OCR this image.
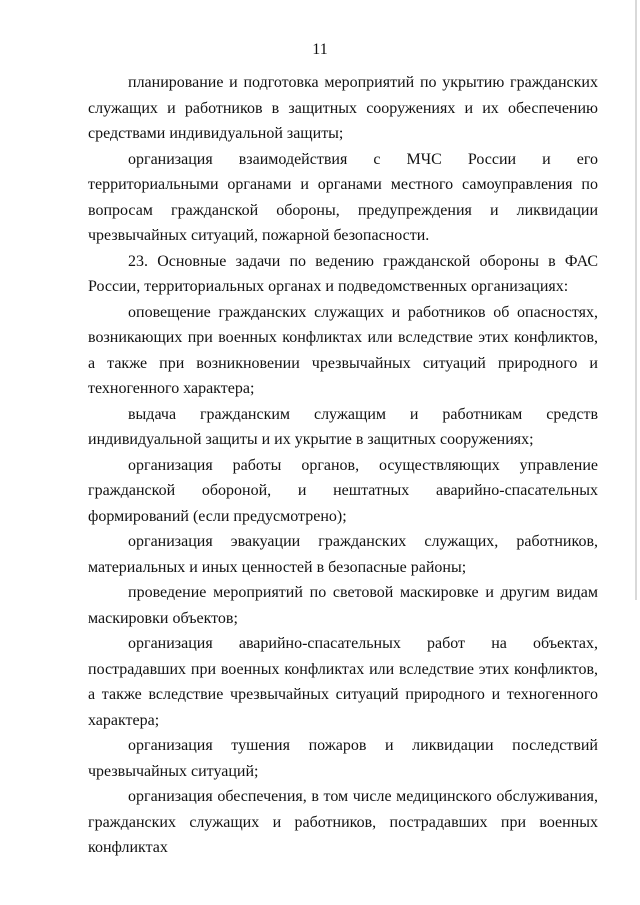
11

планирование и подготовка мероприятий по укрытию гражданских служащих и работников в защитных сооружениях и их обеспечению средствами индивидуальной защиты;

организация взаимодействия с МЧС России и его территориальными органами и органами местного самоуправления по вопросам гражданской обороны, предупреждения и ликвидации чрезвычайных ситуаций, пожарной безопасности.

23. Основные задачи по ведению гражданской обороны в ФАС России, территориальных органах и подведомственных организациях:

оповещение гражданских служащих и работников об опасностях, возникающих при военных конфликтах или вследствие этих конфликтов, а также при возникновении чрезвычайных ситуаций природного и техногенного характера;

выдача гражданским служащим и работникам средств индивидуальной защиты и их укрытие в защитных сооружениях;

организация работы органов, осуществляющих управление гражданской обороной, и нештатных аварийно-спасательных формирований (если предусмотрено);

организация эвакуации гражданских служащих, работников, материальных и иных ценностей в безопасные районы;

проведение мероприятий по световой маскировке и другим видам маскировки объектов;

организация аварийно-спасательных работ на объектах, пострадавших при военных конфликтах или вследствие этих конфликтов, а также вследствие чрезвычайных ситуаций природного и техногенного характера;

организация тушения пожаров и ликвидации последствий чрезвычайных ситуаций;

организация обеспечения, в том числе медицинского обслуживания, гражданских служащих и работников, пострадавших при военных конфликтах
